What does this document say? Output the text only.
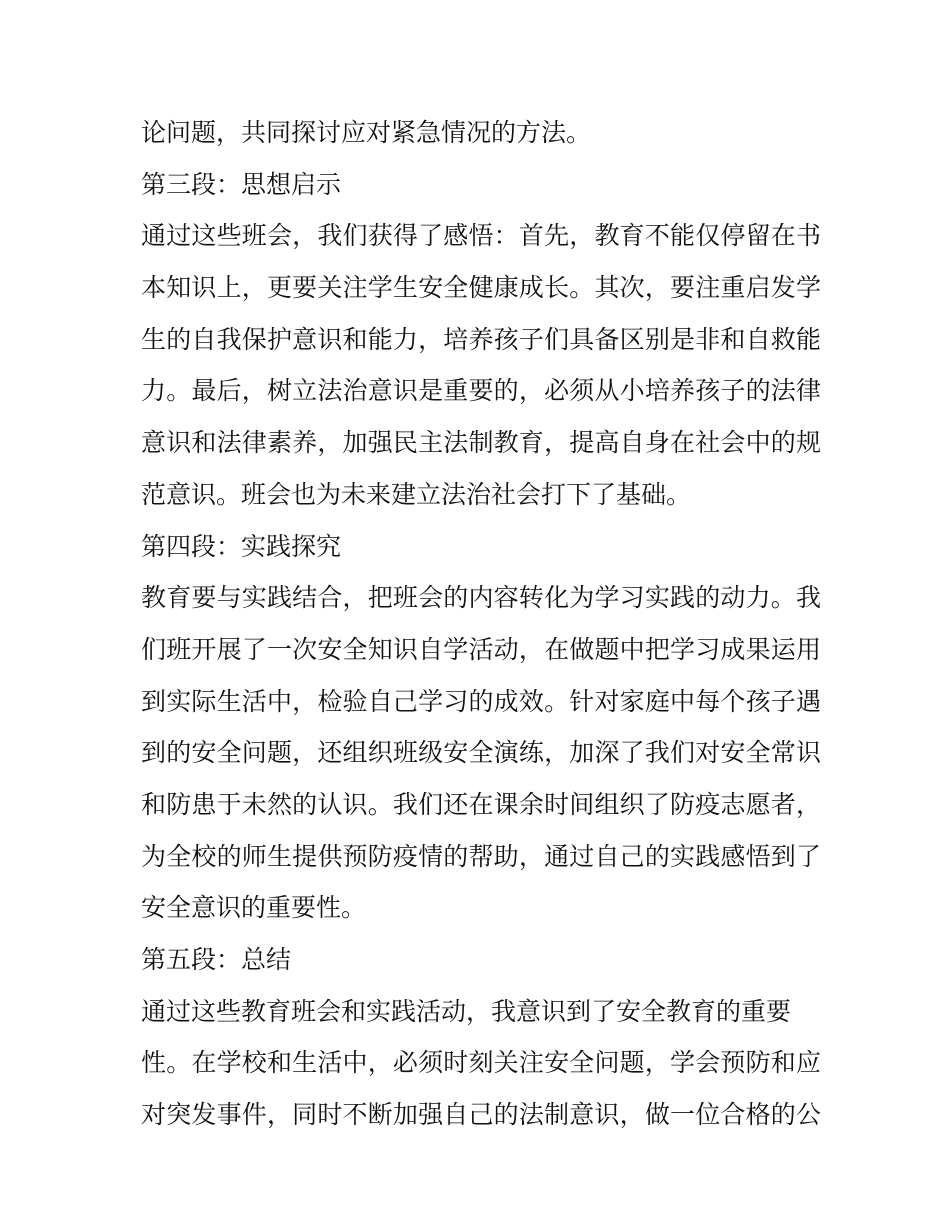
论问题，共同探讨应对紧急情况的方法。
第三段：思想启示
通过这些班会，我们获得了感悟：首先，教育不能仅停留在书
本知识上，更要关注学生安全健康成长。其次，要注重启发学
生的自我保护意识和能力，培养孩子们具备区别是非和自救能
力。最后，树立法治意识是重要的，必须从小培养孩子的法律
意识和法律素养，加强民主法制教育，提高自身在社会中的规
范意识。班会也为未来建立法治社会打下了基础。
第四段：实践探究
教育要与实践结合，把班会的内容转化为学习实践的动力。我
们班开展了一次安全知识自学活动，在做题中把学习成果运用
到实际生活中，检验自己学习的成效。针对家庭中每个孩子遇
到的安全问题，还组织班级安全演练，加深了我们对安全常识
和防患于未然的认识。我们还在课余时间组织了防疫志愿者，
为全校的师生提供预防疫情的帮助，通过自己的实践感悟到了
安全意识的重要性。
第五段：总结
通过这些教育班会和实践活动，我意识到了安全教育的重要
性。在学校和生活中，必须时刻关注安全问题，学会预防和应
对突发事件，同时不断加强自己的法制意识，做一位合格的公
